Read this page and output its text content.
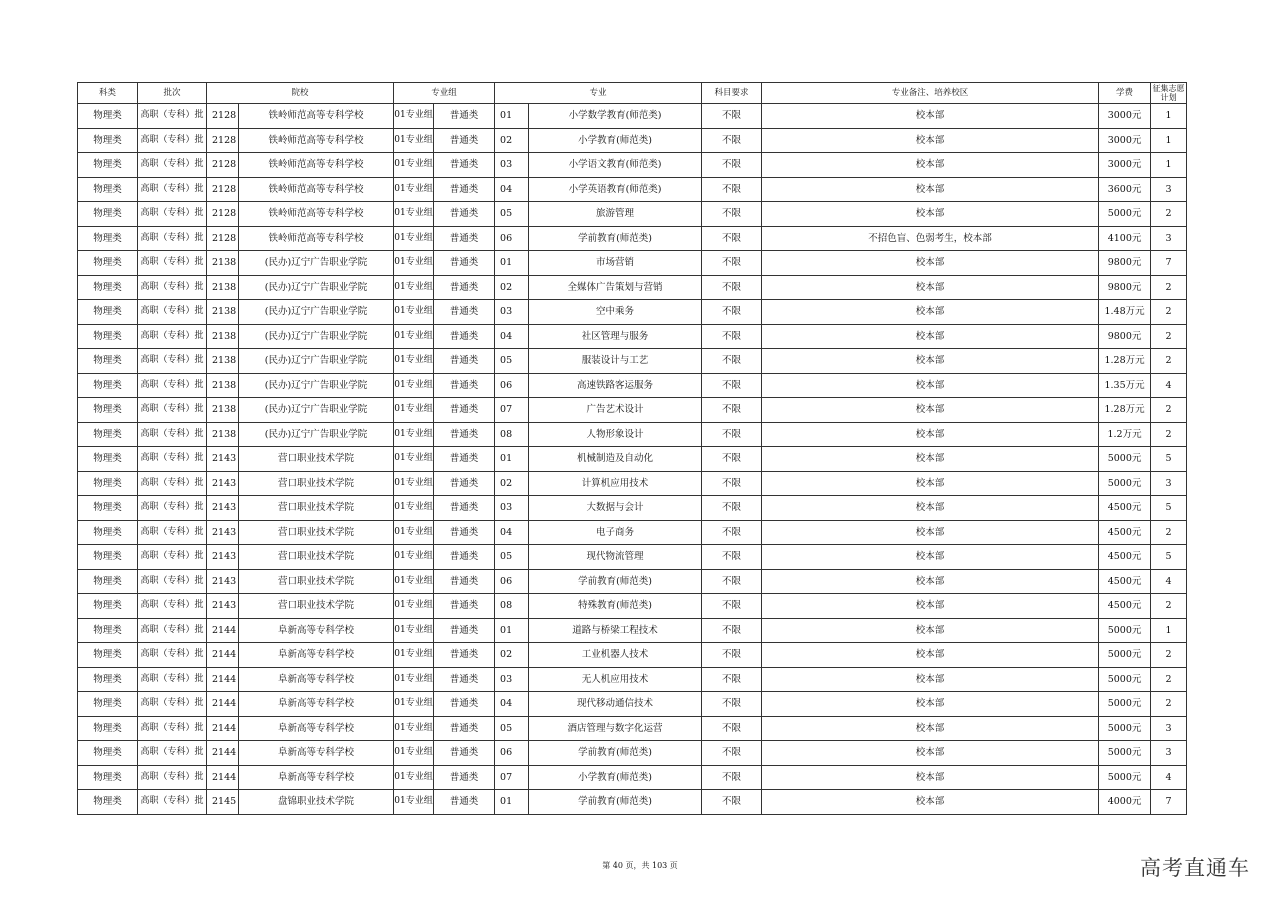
科类	批次	院校		专业组		专业		科目要求	专业备注、培养校区	学费	征集志愿计划
物理类	高职（专科）批	2128	铁岭师范高等专科学校	01专业组	普通类	01	小学数学教育(师范类)	不限	校本部	3000元	1
物理类	高职（专科）批	2128	铁岭师范高等专科学校	01专业组	普通类	02	小学教育(师范类)	不限	校本部	3000元	1
物理类	高职（专科）批	2128	铁岭师范高等专科学校	01专业组	普通类	03	小学语文教育(师范类)	不限	校本部	3000元	1
物理类	高职（专科）批	2128	铁岭师范高等专科学校	01专业组	普通类	04	小学英语教育(师范类)	不限	校本部	3600元	3
物理类	高职（专科）批	2128	铁岭师范高等专科学校	01专业组	普通类	05	旅游管理	不限	校本部	5000元	2
物理类	高职（专科）批	2128	铁岭师范高等专科学校	01专业组	普通类	06	学前教育(师范类)	不限	不招色盲、色弱考生，校本部	4100元	3
物理类	高职（专科）批	2138	(民办)辽宁广告职业学院	01专业组	普通类	01	市场营销	不限	校本部	9800元	7
物理类	高职（专科）批	2138	(民办)辽宁广告职业学院	01专业组	普通类	02	全媒体广告策划与营销	不限	校本部	9800元	2
物理类	高职（专科）批	2138	(民办)辽宁广告职业学院	01专业组	普通类	03	空中乘务	不限	校本部	1.48万元	2
物理类	高职（专科）批	2138	(民办)辽宁广告职业学院	01专业组	普通类	04	社区管理与服务	不限	校本部	9800元	2
物理类	高职（专科）批	2138	(民办)辽宁广告职业学院	01专业组	普通类	05	服装设计与工艺	不限	校本部	1.28万元	2
物理类	高职（专科）批	2138	(民办)辽宁广告职业学院	01专业组	普通类	06	高速铁路客运服务	不限	校本部	1.35万元	4
物理类	高职（专科）批	2138	(民办)辽宁广告职业学院	01专业组	普通类	07	广告艺术设计	不限	校本部	1.28万元	2
物理类	高职（专科）批	2138	(民办)辽宁广告职业学院	01专业组	普通类	08	人物形象设计	不限	校本部	1.2万元	2
物理类	高职（专科）批	2143	营口职业技术学院	01专业组	普通类	01	机械制造及自动化	不限	校本部	5000元	5
物理类	高职（专科）批	2143	营口职业技术学院	01专业组	普通类	02	计算机应用技术	不限	校本部	5000元	3
物理类	高职（专科）批	2143	营口职业技术学院	01专业组	普通类	03	大数据与会计	不限	校本部	4500元	5
物理类	高职（专科）批	2143	营口职业技术学院	01专业组	普通类	04	电子商务	不限	校本部	4500元	2
物理类	高职（专科）批	2143	营口职业技术学院	01专业组	普通类	05	现代物流管理	不限	校本部	4500元	5
物理类	高职（专科）批	2143	营口职业技术学院	01专业组	普通类	06	学前教育(师范类)	不限	校本部	4500元	4
物理类	高职（专科）批	2143	营口职业技术学院	01专业组	普通类	08	特殊教育(师范类)	不限	校本部	4500元	2
物理类	高职（专科）批	2144	阜新高等专科学校	01专业组	普通类	01	道路与桥梁工程技术	不限	校本部	5000元	1
物理类	高职（专科）批	2144	阜新高等专科学校	01专业组	普通类	02	工业机器人技术	不限	校本部	5000元	2
物理类	高职（专科）批	2144	阜新高等专科学校	01专业组	普通类	03	无人机应用技术	不限	校本部	5000元	2
物理类	高职（专科）批	2144	阜新高等专科学校	01专业组	普通类	04	现代移动通信技术	不限	校本部	5000元	2
物理类	高职（专科）批	2144	阜新高等专科学校	01专业组	普通类	05	酒店管理与数字化运营	不限	校本部	5000元	3
物理类	高职（专科）批	2144	阜新高等专科学校	01专业组	普通类	06	学前教育(师范类)	不限	校本部	5000元	3
物理类	高职（专科）批	2144	阜新高等专科学校	01专业组	普通类	07	小学教育(师范类)	不限	校本部	5000元	4
物理类	高职（专科）批	2145	盘锦职业技术学院	01专业组	普通类	01	学前教育(师范类)	不限	校本部	4000元	7
第 40 页，共 103 页	高考直通车
